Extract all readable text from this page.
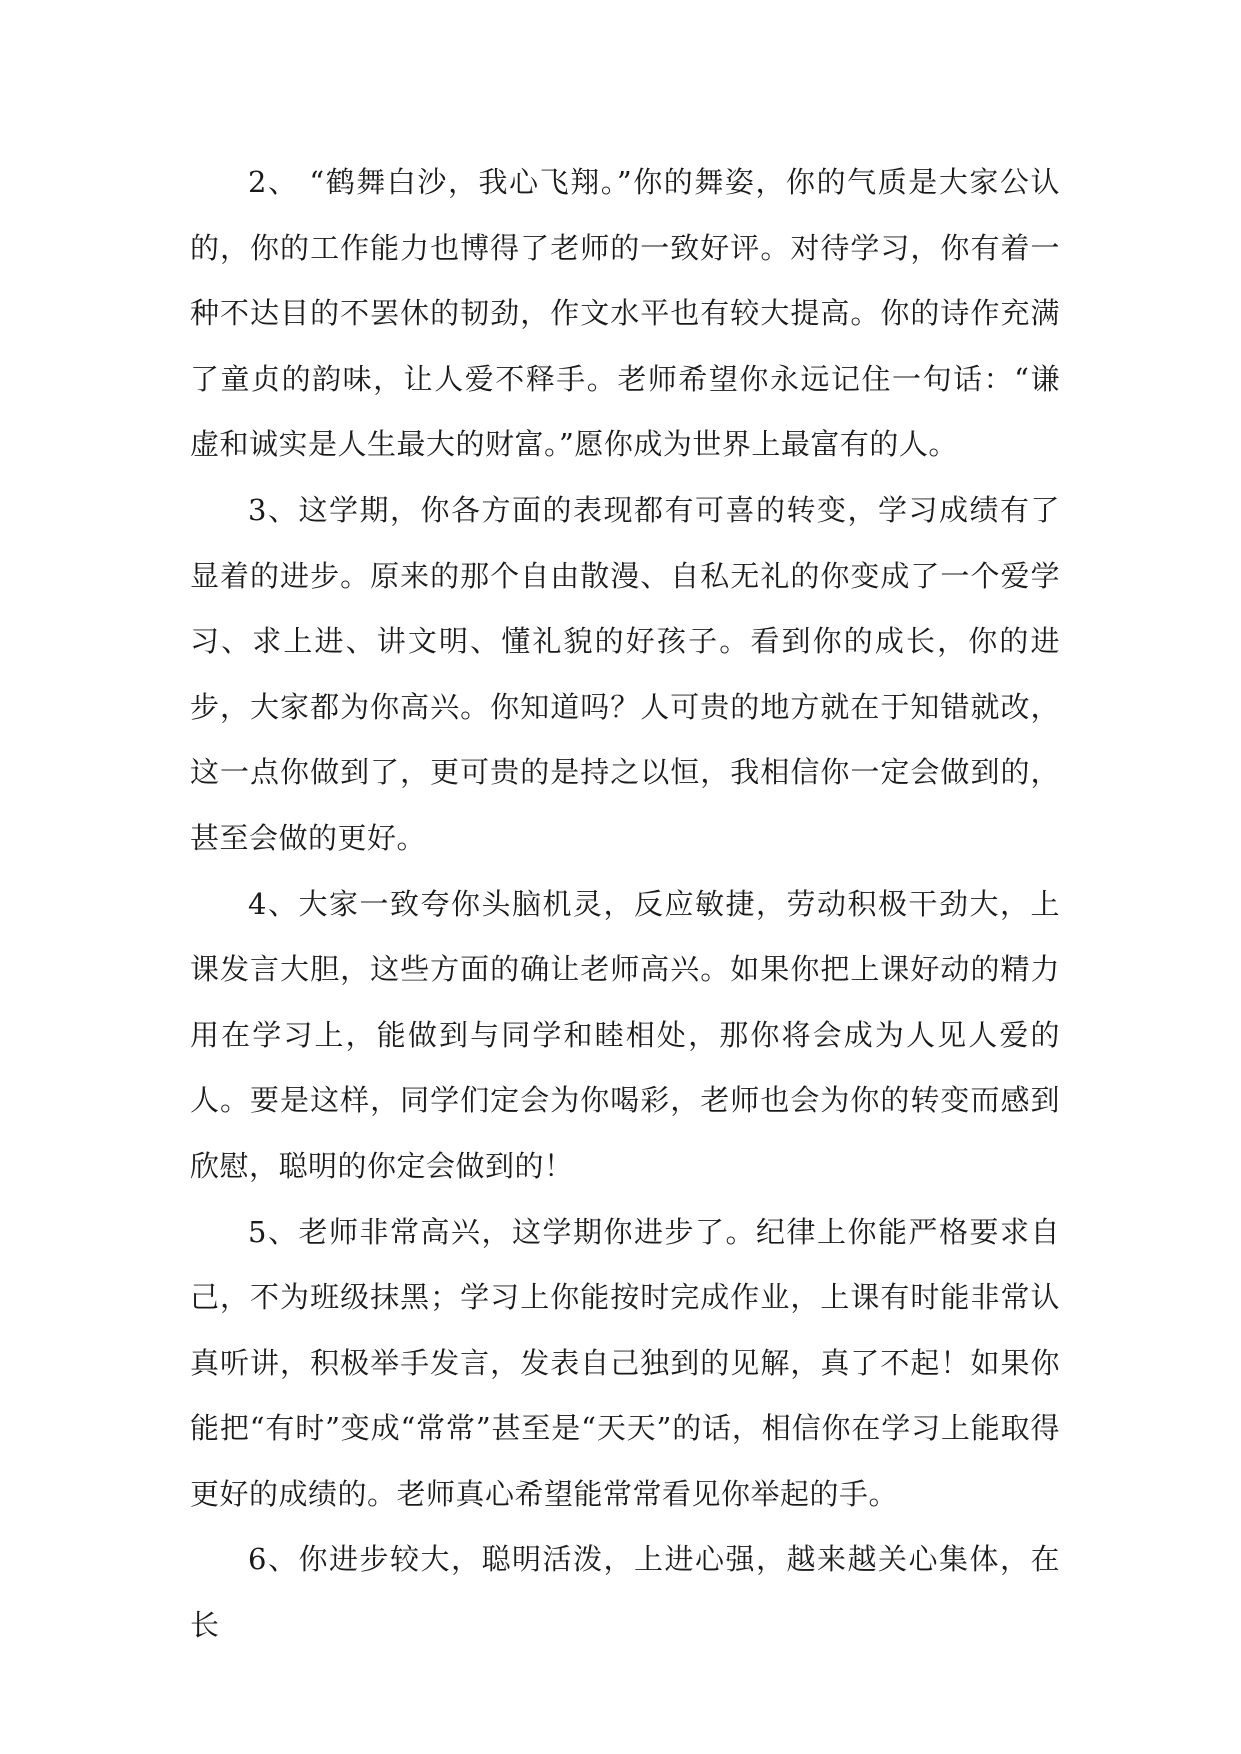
2、 “鹤舞白沙，我心飞翔。”你的舞姿，你的气质是大家公认的，你的工作能力也博得了老师的一致好评。对待学习，你有着一种不达目的不罢休的韧劲，作文水平也有较大提高。你的诗作充满了童贞的韵味，让人爱不释手。老师希望你永远记住一句话：“谦虚和诚实是人生最大的财富。”愿你成为世界上最富有的人。

3、这学期，你各方面的表现都有可喜的转变，学习成绩有了显着的进步。原来的那个自由散漫、自私无礼的你变成了一个爱学习、求上进、讲文明、懂礼貌的好孩子。看到你的成长，你的进步，大家都为你高兴。你知道吗？人可贵的地方就在于知错就改，这一点你做到了，更可贵的是持之以恒，我相信你一定会做到的，甚至会做的更好。

4、大家一致夸你头脑机灵，反应敏捷，劳动积极干劲大，上课发言大胆，这些方面的确让老师高兴。如果你把上课好动的精力用在学习上，能做到与同学和睦相处，那你将会成为人见人爱的人。要是这样，同学们定会为你喝彩，老师也会为你的转变而感到欣慰，聪明的你定会做到的！

5、老师非常高兴，这学期你进步了。纪律上你能严格要求自己，不为班级抹黑；学习上你能按时完成作业，上课有时能非常认真听讲，积极举手发言，发表自己独到的见解，真了不起！如果你能把“有时”变成“常常”甚至是“天天”的话，相信你在学习上能取得更好的成绩的。老师真心希望能常常看见你举起的手。

6、你进步较大，聪明活泼，上进心强，越来越关心集体，在长
